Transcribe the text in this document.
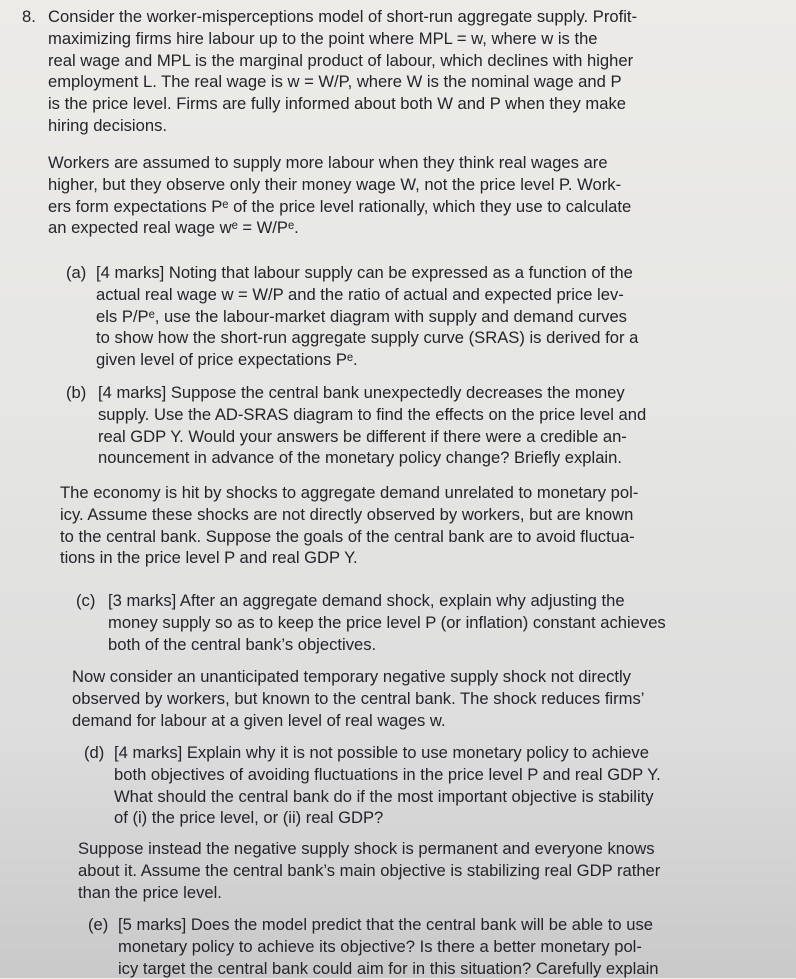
8. Consider the worker-misperceptions model of short-run aggregate supply. Profit-
maximizing firms hire labour up to the point where MPL = w, where w is the
real wage and MPL is the marginal product of labour, which declines with higher
employment L. The real wage is w = W/P, where W is the nominal wage and P
is the price level. Firms are fully informed about both W and P when they make
hiring decisions.
Workers are assumed to supply more labour when they think real wages are
higher, but they observe only their money wage W, not the price level P. Work-
ers form expectations Pᵉ of the price level rationally, which they use to calculate
an expected real wage wᵉ = W/Pᵉ.
(a) [4 marks] Noting that labour supply can be expressed as a function of the
actual real wage w = W/P and the ratio of actual and expected price lev-
els P/Pᵉ, use the labour-market diagram with supply and demand curves
to show how the short-run aggregate supply curve (SRAS) is derived for a
given level of price expectations Pᵉ.
(b) [4 marks] Suppose the central bank unexpectedly decreases the money
supply. Use the AD-SRAS diagram to find the effects on the price level and
real GDP Y. Would your answers be different if there were a credible an-
nouncement in advance of the monetary policy change? Briefly explain.
The economy is hit by shocks to aggregate demand unrelated to monetary pol-
icy. Assume these shocks are not directly observed by workers, but are known
to the central bank. Suppose the goals of the central bank are to avoid fluctua-
tions in the price level P and real GDP Y.
(c) [3 marks] After an aggregate demand shock, explain why adjusting the
money supply so as to keep the price level P (or inflation) constant achieves
both of the central bank’s objectives.
Now consider an unanticipated temporary negative supply shock not directly
observed by workers, but known to the central bank. The shock reduces firms’
demand for labour at a given level of real wages w.
(d) [4 marks] Explain why it is not possible to use monetary policy to achieve
both objectives of avoiding fluctuations in the price level P and real GDP Y.
What should the central bank do if the most important objective is stability
of (i) the price level, or (ii) real GDP?
Suppose instead the negative supply shock is permanent and everyone knows
about it. Assume the central bank’s main objective is stabilizing real GDP rather
than the price level.
(e) [5 marks] Does the model predict that the central bank will be able to use
monetary policy to achieve its objective? Is there a better monetary pol-
icy target the central bank could aim for in this situation? Carefully explain
